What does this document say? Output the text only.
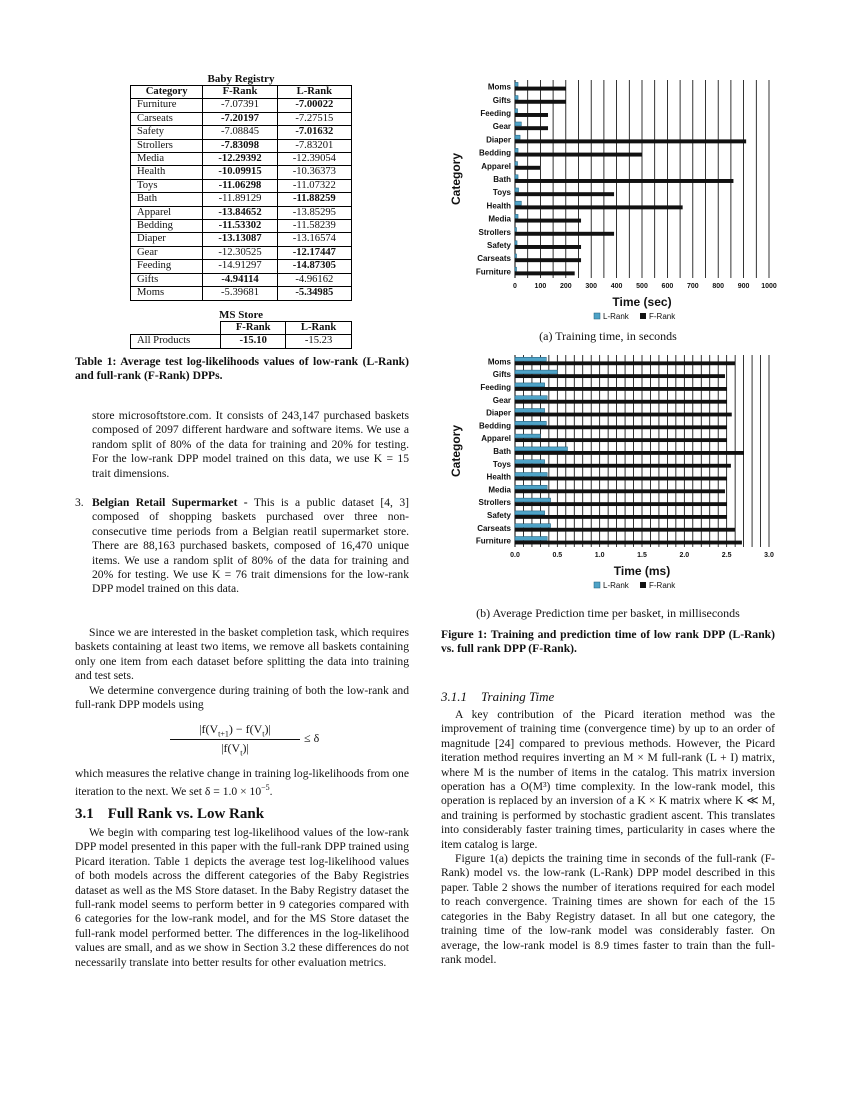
Baby Registry
Category	F-Rank	L-Rank
Furniture	-7.07391	-7.00022
Carseats	-7.20197	-7.27515
Safety	-7.08845	-7.01632
Strollers	-7.83098	-7.83201
Media	-12.29392	-12.39054
Health	-10.09915	-10.36373
Toys	-11.06298	-11.07322
Bath	-11.89129	-11.88259
Apparel	-13.84652	-13.85295
Bedding	-11.53302	-11.58239
Diaper	-13.13087	-13.16574
Gear	-12.30525	-12.17447
Feeding	-14.91297	-14.87305
Gifts	-4.94114	-4.96162
Moms	-5.39681	-5.34985
MS Store
	F-Rank	L-Rank
All Products	-15.10	-15.23
Table 1: Average test log-likelihoods values of low-rank (L-Rank) and full-rank (F-Rank) DPPs.

store microsoftstore.com. It consists of 243,147 purchased baskets composed of 2097 different hardware and software items. We use a random split of 80% of the data for training and 20% for testing. For the low-rank DPP model trained on this data, we use K = 15 trait dimensions.

3. Belgian Retail Supermarket - This is a public dataset [4, 3] composed of shopping baskets purchased over three non-consecutive time periods from a Belgian reatil supermarket store. There are 88,163 purchased baskets, composed of 16,470 unique items. We use a random split of 80% of the data for training and 20% for testing. We use K = 76 trait dimensions for the low-rank DPP model trained on this data.

Since we are interested in the basket completion task, which requires baskets containing at least two items, we remove all baskets containing only one item from each dataset before splitting the data into training and test sets.

We determine convergence during training of both the low-rank and full-rank DPP models using

$|f(V_{t+1}) - f(V_t)|$
$|f(V_t)|$
≤ δ

which measures the relative change in training log-likelihoods from one iteration to the next. We set $\delta = 1.0 \times 10^{-5}$.

3.1 Full Rank vs. Low Rank

We begin with comparing test log-likelihood values of the low-rank DPP model presented in this paper with the full-rank DPP trained using Picard iteration. Table 1 depicts the average test log-likelihood values of both models across the different categories of the Baby Registries dataset as well as the MS Store dataset. In the Baby Registry dataset the full-rank model seems to perform better in 9 categories compared with 6 categories for the low-rank model, and for the MS Store dataset the full-rank model performed better. The differences in the log-likelihood values are small, and as we show in Section 3.2 these differences do not necessarily translate into better results for other evaluation metrics.

Moms
Gifts
Feeding
Gear
Diaper
Bedding
Apparel
Bath
Toys
Health
Media
Strollers
Safety
Carseats
Furniture
0	100 200 300 400 500 600 700 800 900 1000
Time (sec)
Category
L-Rank	F-Rank
(a) Training time, in seconds
Moms
Gifts
Feeding
Gear
Diaper
Bedding
Apparel
Bath
Toys
Health
Media
Strollers
Safety
Carseats
Furniture
0.0	0.5	1.0	1.5	2.0	2.5	3.0
Time (ms)
Category
L-Rank	F-Rank
(b) Average Prediction time per basket, in milliseconds
Figure 1: Training and prediction time of low rank DPP (L-Rank) vs. full rank DPP (F-Rank).
3.1.1 Training Time

A key contribution of the Picard iteration method was the improvement of training time (convergence time) by up to an order of magnitude [24] compared to previous methods. However, the Picard iteration method requires inverting an M × M full-rank (L + I) matrix, where M is the number of items in the catalog. This matrix inversion operation has a O(M³) time complexity. In the low-rank model, this operation is replaced by an inversion of a K × K matrix where K ≪ M, and training is performed by stochastic gradient ascent. This translates into considerably faster training times, particularity in cases where the item catalog is large.

Figure 1(a) depicts the training time in seconds of the full-rank (F-Rank) model vs. the low-rank (L-Rank) DPP model described in this paper. Table 2 shows the number of iterations required for each model to reach convergence. Training times are shown for each of the 15 categories in the Baby Registry dataset. In all but one category, the training time of the low-rank model was considerably faster. On average, the low-rank model is 8.9 times faster to train than the full-rank model.
